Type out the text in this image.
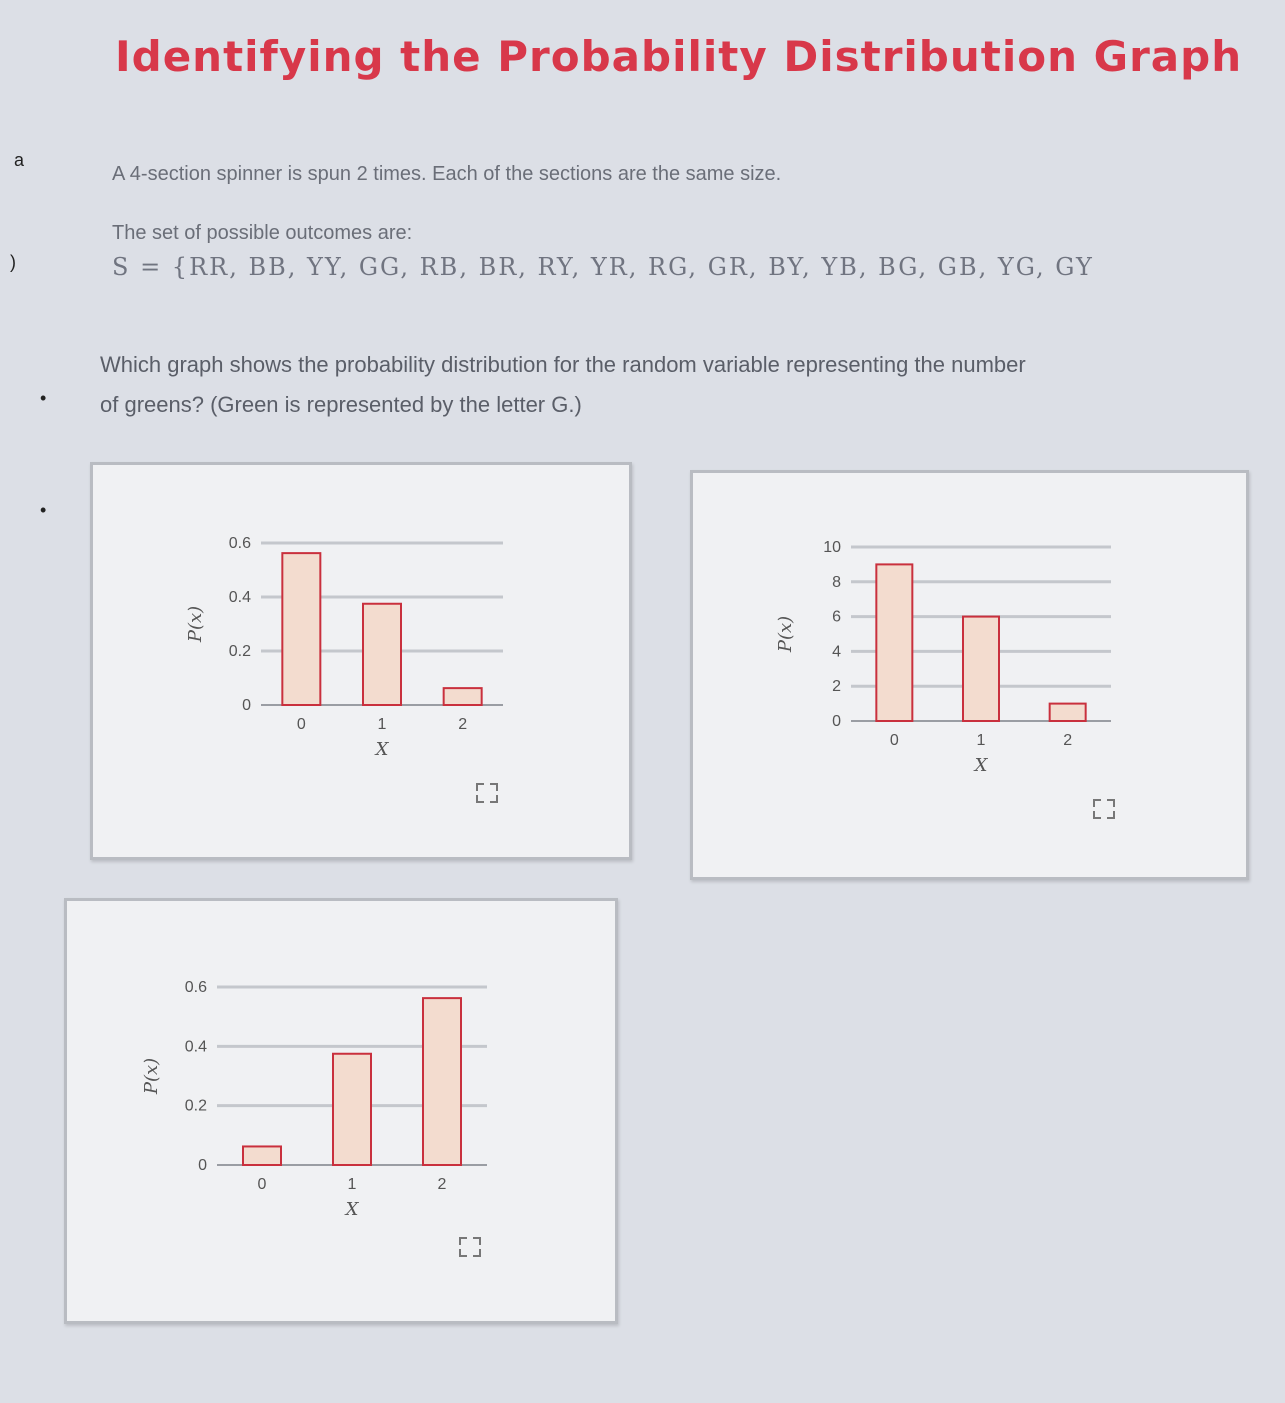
Identifying the Probability Distribution Graph
a
)
•
•
A 4-section spinner is spun 2 times. Each of the sections are the same size.
The set of possible outcomes are:
S = {RR, BB, YY, GG, RB, BR, RY, YR, RG, GR, BY, YB, BG, GB, YG, GY
Which graph shows the probability distribution for the random variable representing the number
of greens? (Green is represented by the letter G.)
0
0.2
0.4
0.6
0	1	2
X
P(x)
0
2
4
6
8
10
0	1	2
X
P(x)
0
0.2
0.4
0.6
0	1	2
X
P(x)
